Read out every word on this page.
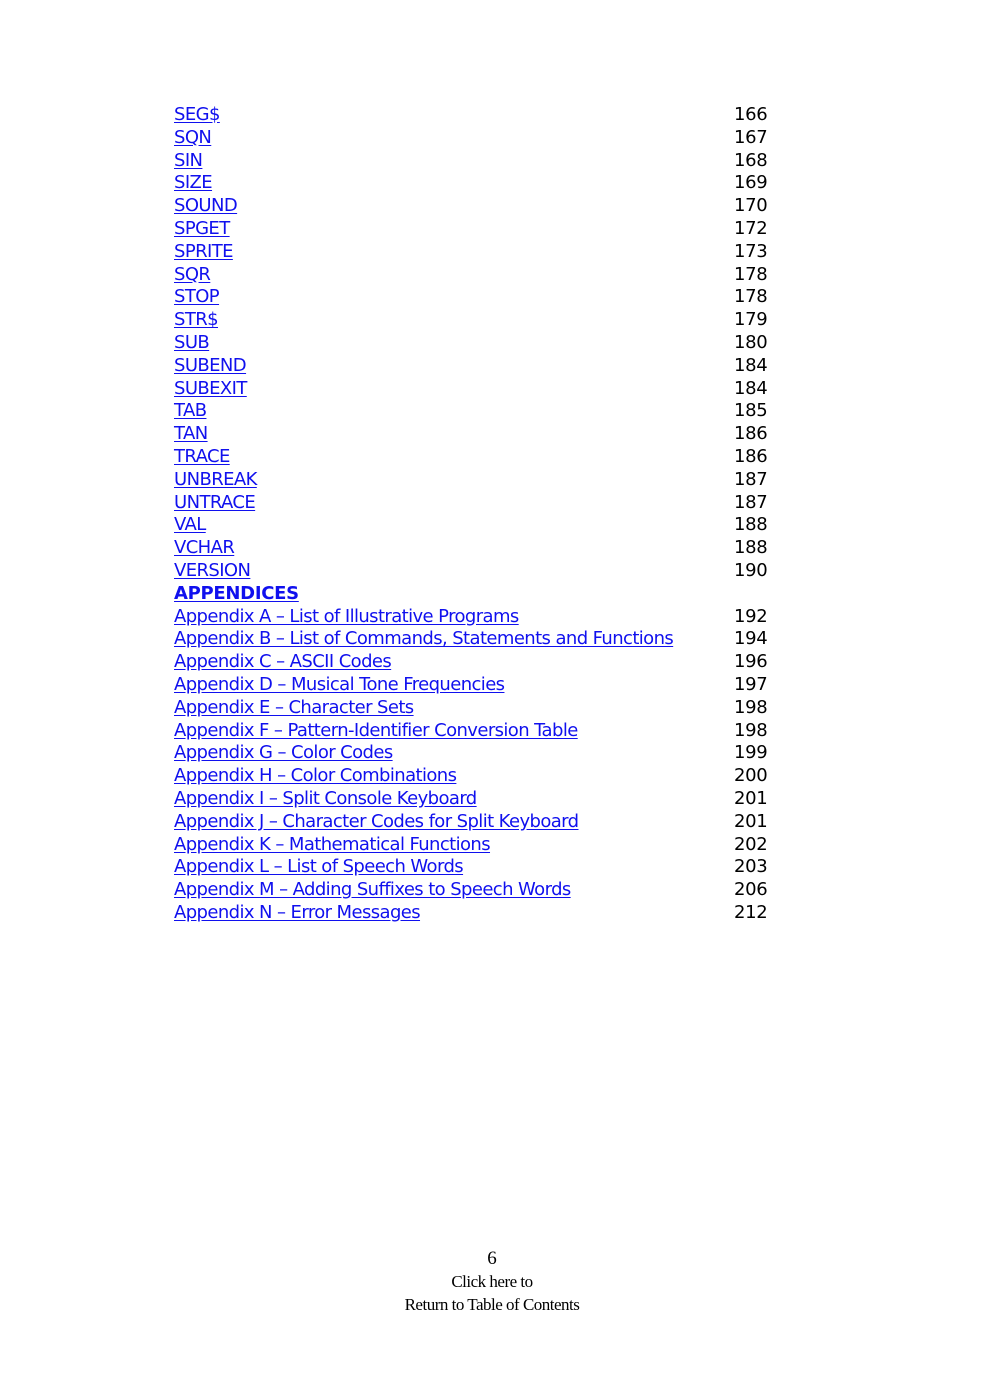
SEG$	166
SQN	167
SIN	168
SIZE	169
SOUND	170
SPGET	172
SPRITE	173
SQR	178
STOP	178
STR$	179
SUB	180
SUBEND	184
SUBEXIT	184
TAB	185
TAN	186
TRACE	186
UNBREAK	187
UNTRACE	187
VAL	188
VCHAR	188
VERSION	190
APPENDICES
Appendix A – List of Illustrative Programs	192
Appendix B – List of Commands, Statements and Functions	194
Appendix C – ASCII Codes	196
Appendix D – Musical Tone Frequencies	197
Appendix E – Character Sets	198
Appendix F – Pattern-Identifier Conversion Table	198
Appendix G – Color Codes	199
Appendix H – Color Combinations	200
Appendix I – Split Console Keyboard	201
Appendix J – Character Codes for Split Keyboard	201
Appendix K – Mathematical Functions	202
Appendix L – List of Speech Words	203
Appendix M – Adding Suffixes to Speech Words	206
Appendix N – Error Messages	212
6
Click here to
Return to Table of Contents
